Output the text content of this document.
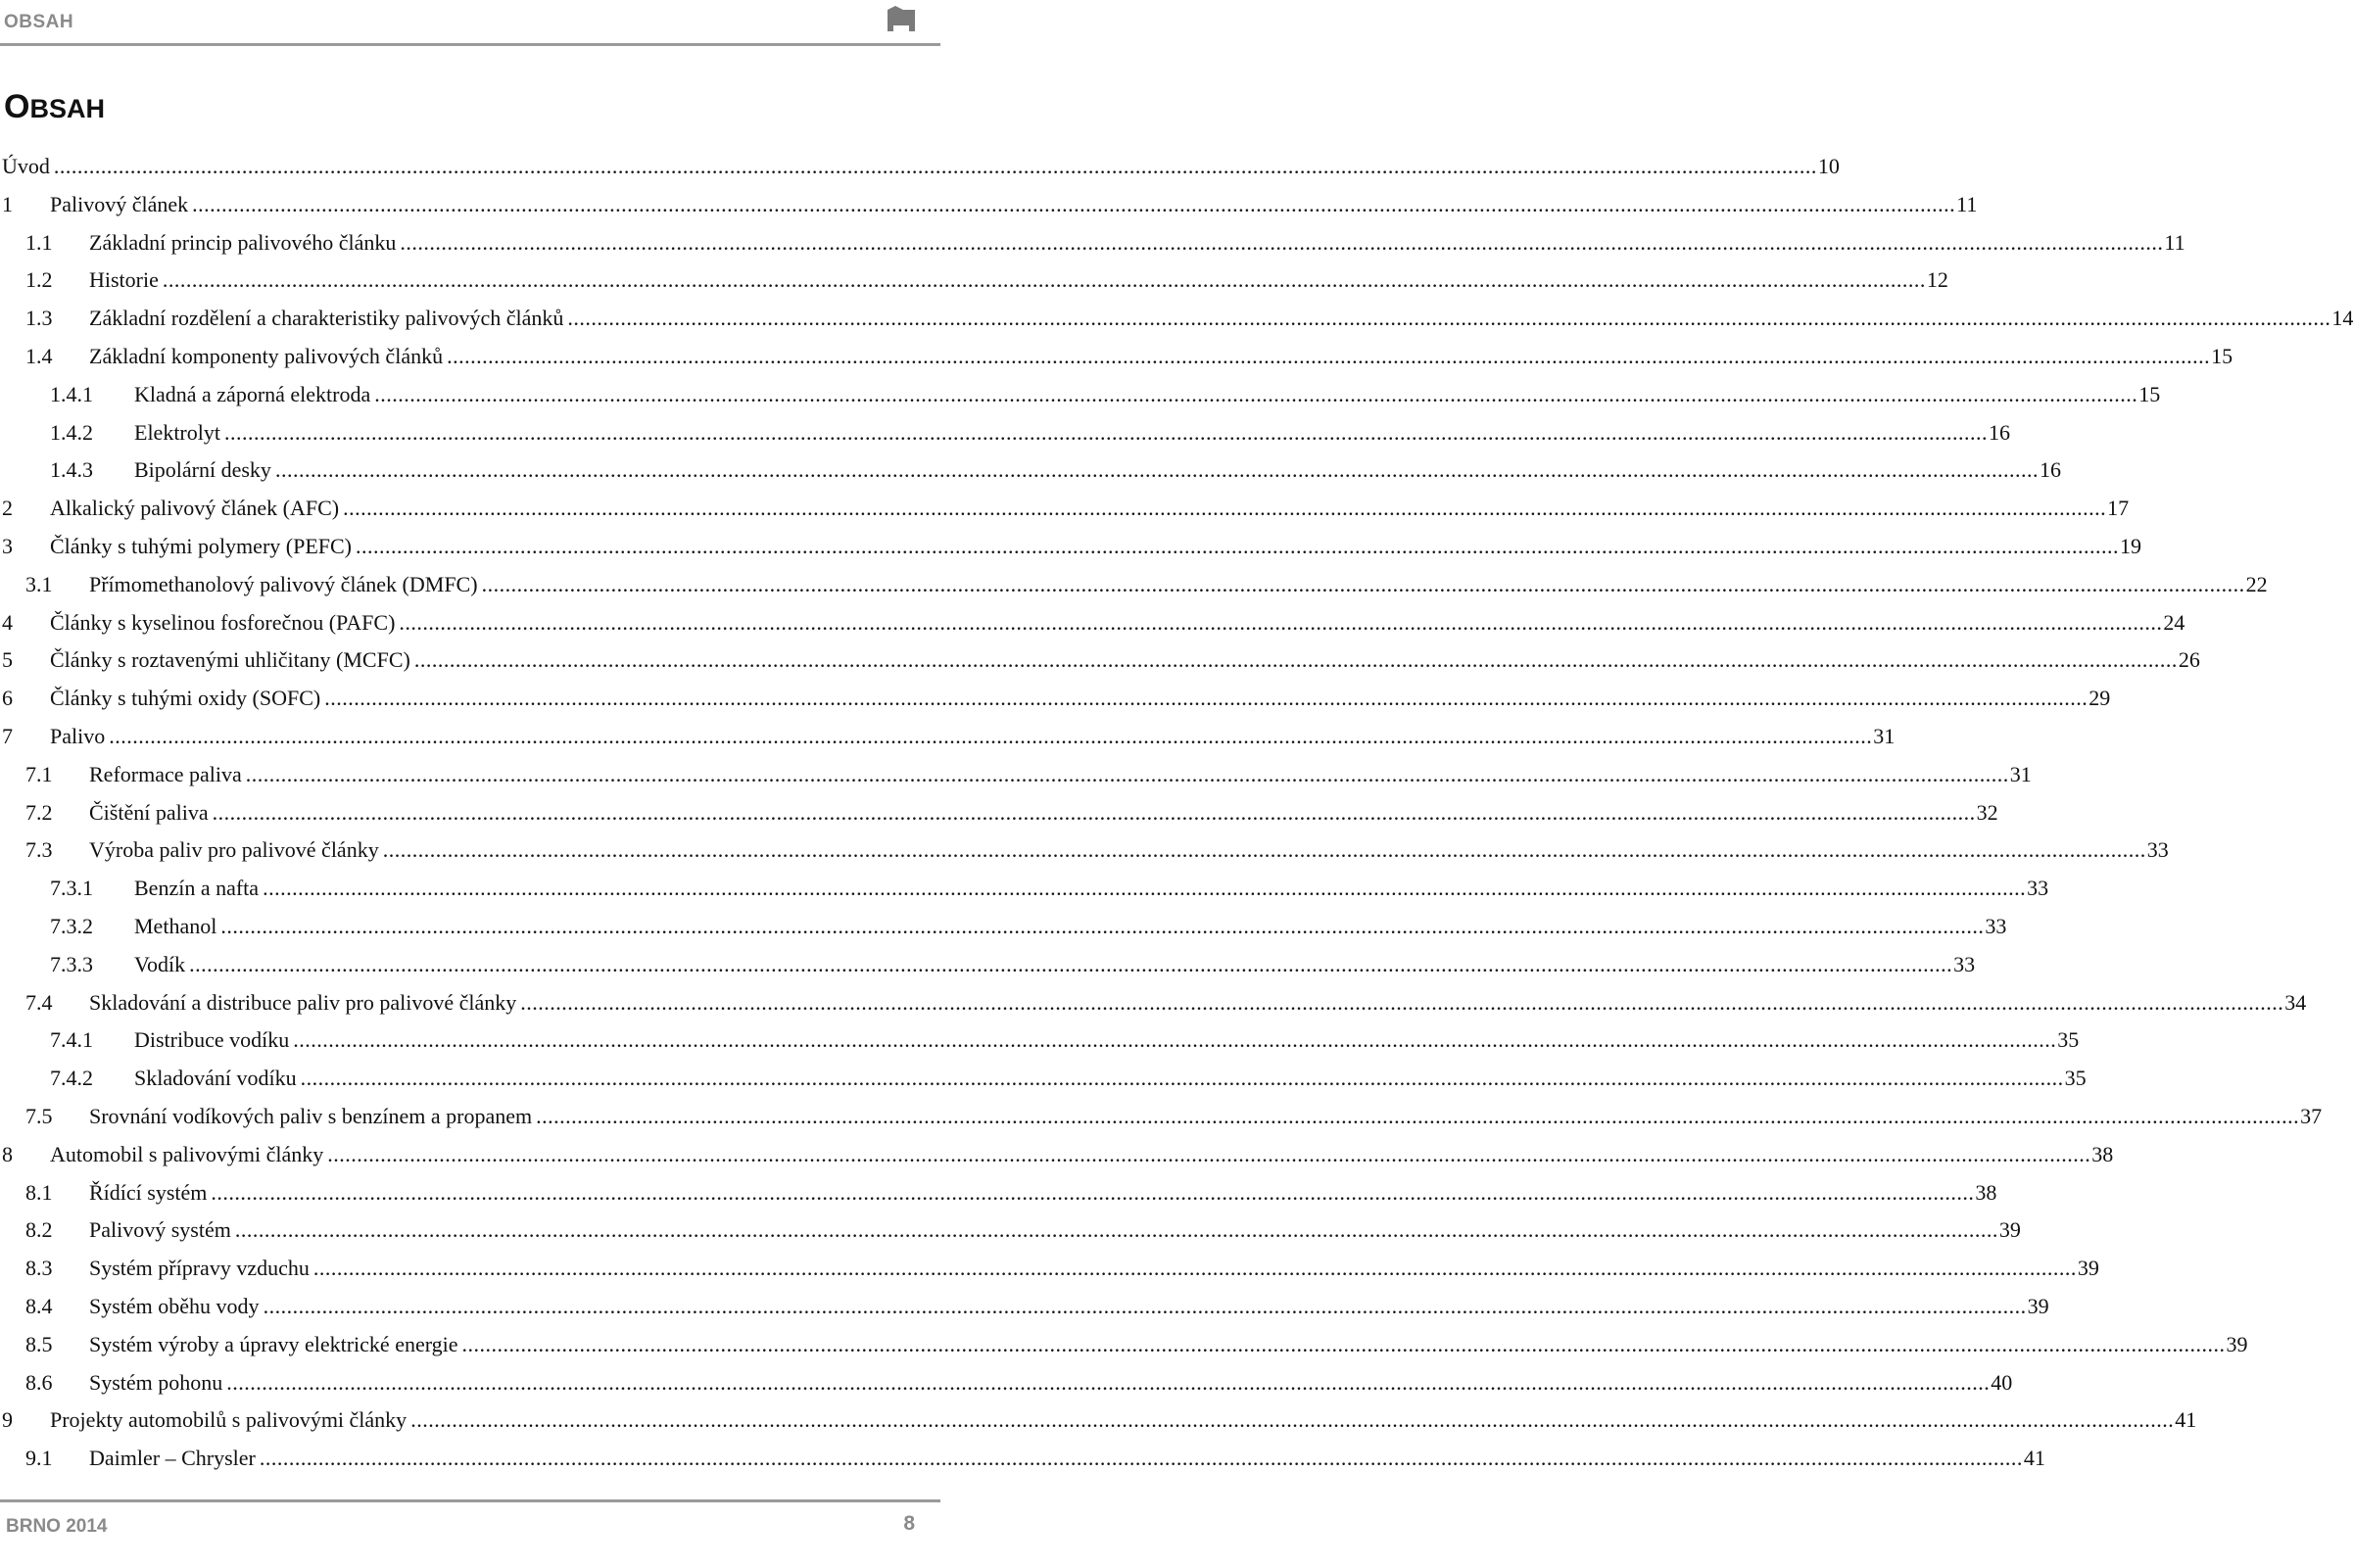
OBSAH
OBSAH
Úvod ............................................................................................................................................................................................................................................................................................................ 10
1 Palivový článek ............................................................................................................................................................................................................................................................................................................ 11
1.1 Základní princip palivového článku ............................................................................................................................................................................................................................................................................................................ 11
1.2 Historie ............................................................................................................................................................................................................................................................................................................ 12
1.3 Základní rozdělení a charakteristiky palivových článků ............................................................................................................................................................................................................................................................................................................ 14
1.4 Základní komponenty palivových článků ............................................................................................................................................................................................................................................................................................................ 15
1.4.1 Kladná a záporná elektroda ............................................................................................................................................................................................................................................................................................................ 15
1.4.2 Elektrolyt ............................................................................................................................................................................................................................................................................................................ 16
1.4.3 Bipolární desky ............................................................................................................................................................................................................................................................................................................ 16
2 Alkalický palivový článek (AFC) ............................................................................................................................................................................................................................................................................................................ 17
3 Články s tuhými polymery (PEFC) ............................................................................................................................................................................................................................................................................................................ 19
3.1 Přímomethanolový palivový článek (DMFC) ............................................................................................................................................................................................................................................................................................................ 22
4 Články s kyselinou fosforečnou (PAFC) ............................................................................................................................................................................................................................................................................................................ 24
5 Články s roztavenými uhličitany (MCFC) ............................................................................................................................................................................................................................................................................................................ 26
6 Články s tuhými oxidy (SOFC) ............................................................................................................................................................................................................................................................................................................ 29
7 Palivo ............................................................................................................................................................................................................................................................................................................ 31
7.1 Reformace paliva ............................................................................................................................................................................................................................................................................................................ 31
7.2 Čištění paliva ............................................................................................................................................................................................................................................................................................................ 32
7.3 Výroba paliv pro palivové články ............................................................................................................................................................................................................................................................................................................ 33
7.3.1 Benzín a nafta ............................................................................................................................................................................................................................................................................................................ 33
7.3.2 Methanol ............................................................................................................................................................................................................................................................................................................ 33
7.3.3 Vodík ............................................................................................................................................................................................................................................................................................................ 33
7.4 Skladování a distribuce paliv pro palivové články ............................................................................................................................................................................................................................................................................................................ 34
7.4.1 Distribuce vodíku ............................................................................................................................................................................................................................................................................................................ 35
7.4.2 Skladování vodíku ............................................................................................................................................................................................................................................................................................................ 35
7.5 Srovnání vodíkových paliv s benzínem a propanem ............................................................................................................................................................................................................................................................................................................ 37
8 Automobil s palivovými články ............................................................................................................................................................................................................................................................................................................ 38
8.1 Řídící systém ............................................................................................................................................................................................................................................................................................................ 38
8.2 Palivový systém ............................................................................................................................................................................................................................................................................................................ 39
8.3 Systém přípravy vzduchu ............................................................................................................................................................................................................................................................................................................ 39
8.4 Systém oběhu vody ............................................................................................................................................................................................................................................................................................................ 39
8.5 Systém výroby a úpravy elektrické energie ............................................................................................................................................................................................................................................................................................................ 39
8.6 Systém pohonu ............................................................................................................................................................................................................................................................................................................ 40
9 Projekty automobilů s palivovými články ............................................................................................................................................................................................................................................................................................................ 41
9.1 Daimler – Chrysler ............................................................................................................................................................................................................................................................................................................ 41
BRNO 2014	8
